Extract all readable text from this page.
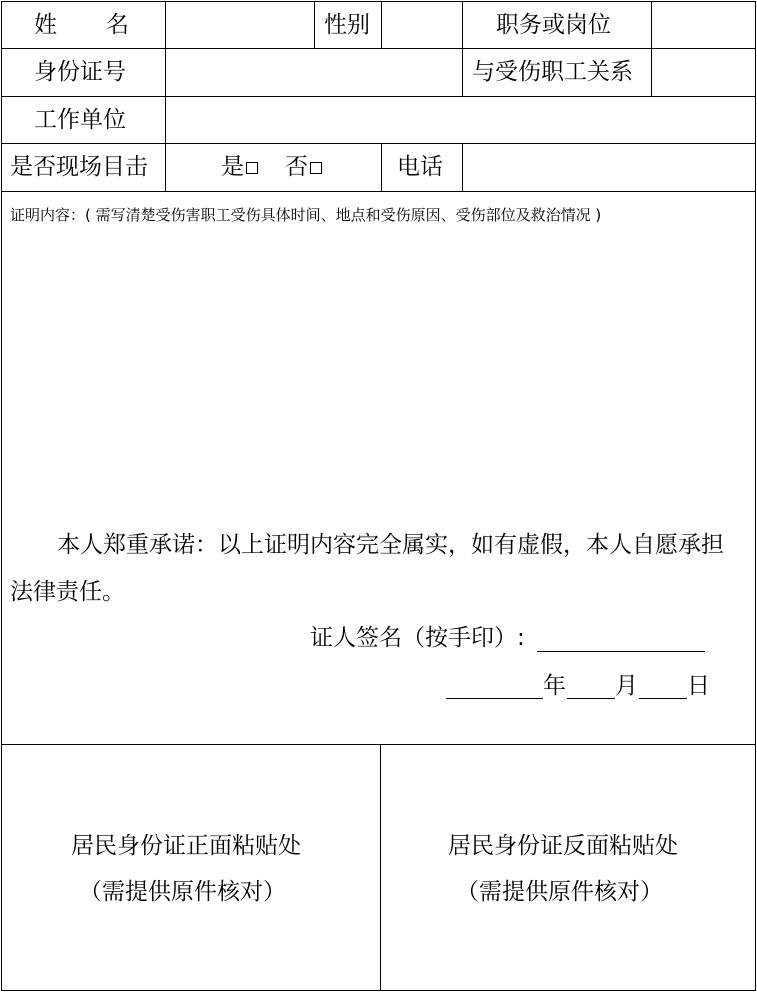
姓　　名	性别	职务或岗位
身份证号	与受伤职工关系
工作单位
是否现场目击	是	否	电话
证明内容：( 需写清楚受伤害职工受伤具体时间、地点和受伤原因、受伤部位及救治情况 )
本人郑重承诺：以上证明内容完全属实，如有虚假，本人自愿承担
法律责任。
证人签名（按手印）:
年 月 日
居民身份证正面粘贴处
（需提供原件核对）
居民身份证反面粘贴处
（需提供原件核对）
